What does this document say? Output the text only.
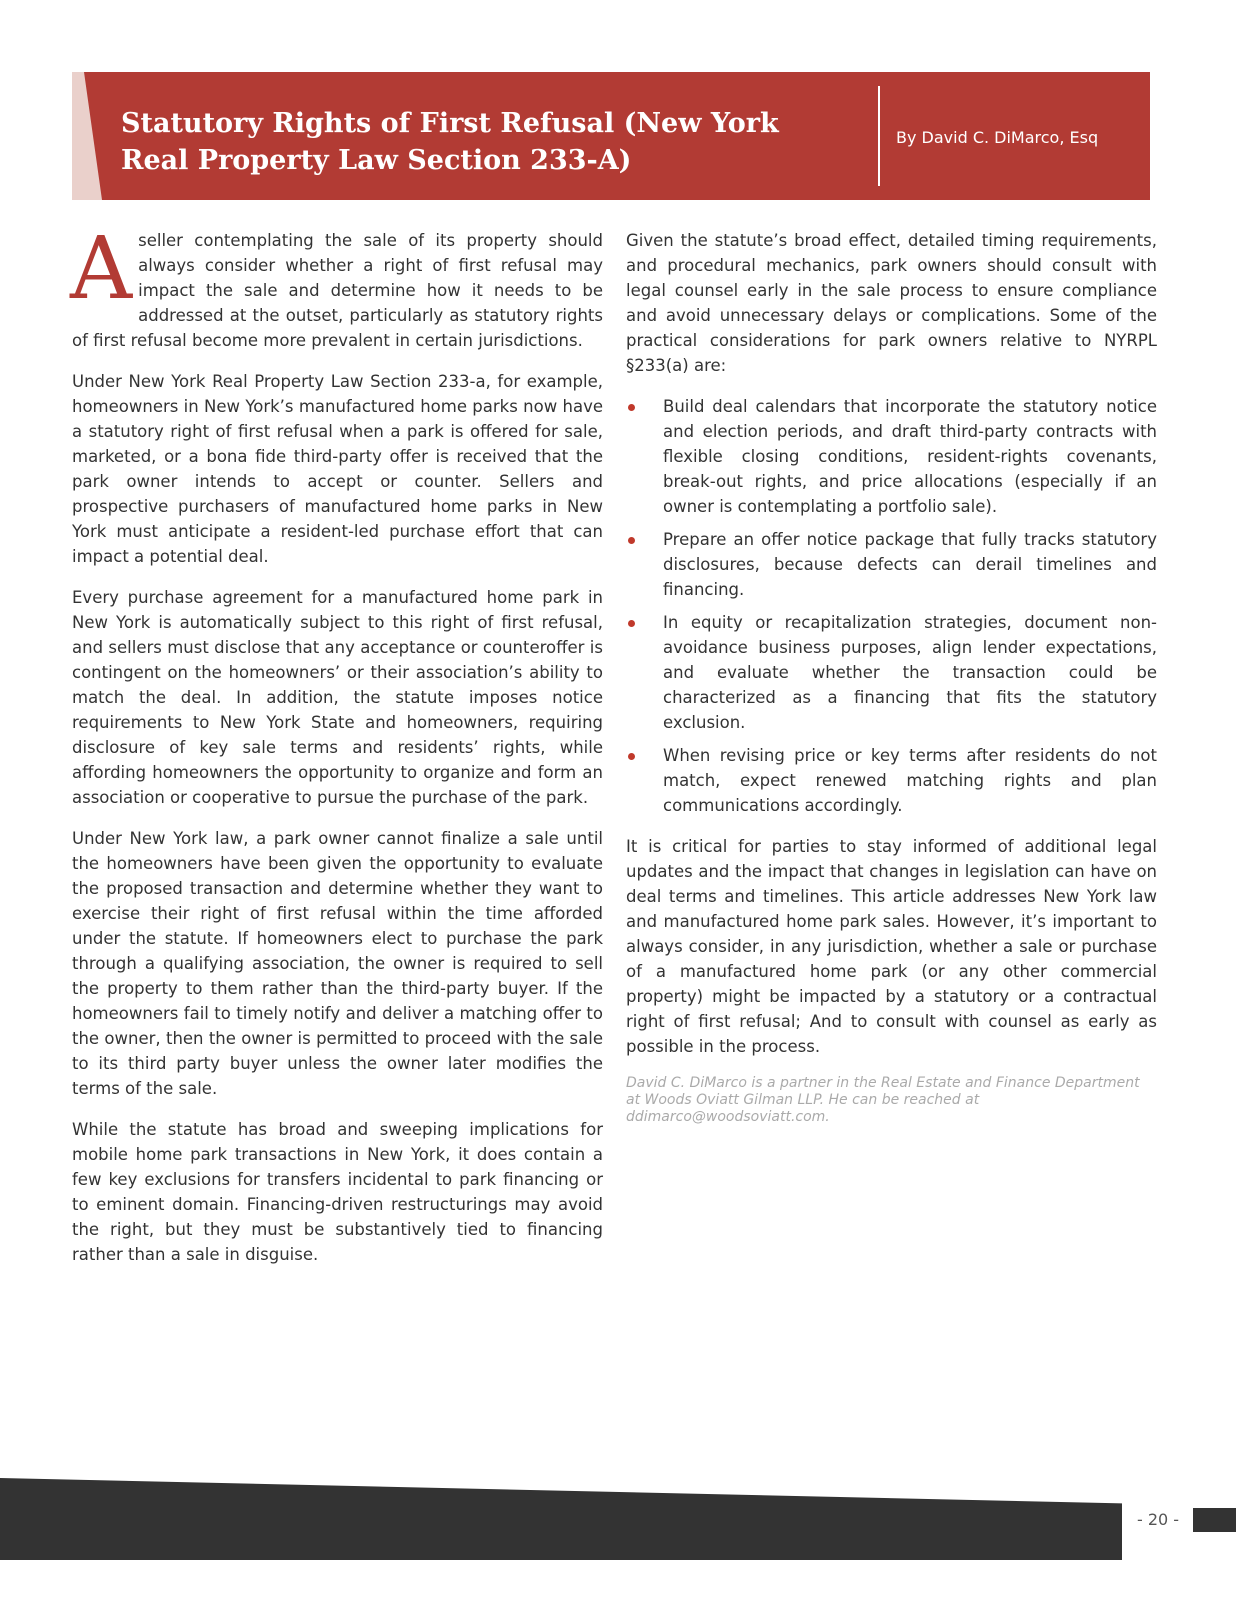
Statutory Rights of First Refusal (New York Real Property Law Section 233-A)
By David C. DiMarco, Esq

Aseller contemplating the sale of its property should always consider whether a right of first refusal may impact the sale and determine how it needs to be addressed at the outset, particularly as statutory rights of first refusal become more prevalent in certain jurisdictions.

Under New York Real Property Law Section 233-a, for example, homeowners in New York’s manufactured home parks now have a statutory right of first refusal when a park is offered for sale, marketed, or a bona fide third-party offer is received that the park owner intends to accept or counter. Sellers and prospective purchasers of manufactured home parks in New York must anticipate a resident-led purchase effort that can impact a potential deal.

Every purchase agreement for a manufactured home park in New York is automatically subject to this right of first refusal, and sellers must disclose that any acceptance or counteroffer is contingent on the homeowners’ or their association’s ability to match the deal. In addition, the statute imposes notice requirements to New York State and homeowners, requiring disclosure of key sale terms and residents’ rights, while affording homeowners the opportunity to organize and form an association or cooperative to pursue the purchase of the park.

Under New York law, a park owner cannot finalize a sale until the homeowners have been given the opportunity to evaluate the proposed transaction and determine whether they want to exercise their right of first refusal within the time afforded under the statute. If homeowners elect to purchase the park through a qualifying association, the owner is required to sell the property to them rather than the third-party buyer. If the homeowners fail to timely notify and deliver a matching offer to the owner, then the owner is permitted to proceed with the sale to its third party buyer unless the owner later modifies the terms of the sale.

While the statute has broad and sweeping implications for mobile home park transactions in New York, it does contain a few key exclusions for transfers incidental to park financing or to eminent domain. Financing-driven restructurings may avoid the right, but they must be substantively tied to financing rather than a sale in disguise.

Given the statute’s broad effect, detailed timing requirements, and procedural mechanics, park owners should consult with legal counsel early in the sale process to ensure compliance and avoid unnecessary delays or complications. Some of the practical considerations for park owners relative to NYRPL §233(a) are:

Build deal calendars that incorporate the statutory notice and election periods, and draft third-party contracts with flexible closing conditions, resident-rights covenants, break-out rights, and price allocations (especially if an owner is contemplating a portfolio sale).

Prepare an offer notice package that fully tracks statutory disclosures, because defects can derail timelines and financing.

In equity or recapitalization strategies, document non-avoidance business purposes, align lender expectations, and evaluate whether the transaction could be characterized as a financing that fits the statutory exclusion.

When revising price or key terms after residents do not match, expect renewed matching rights and plan communications accordingly.

It is critical for parties to stay informed of additional legal updates and the impact that changes in legislation can have on deal terms and timelines. This article addresses New York law and manufactured home park sales. However, it’s important to always consider, in any jurisdiction, whether a sale or purchase of a manufactured home park (or any other commercial property) might be impacted by a statutory or a contractual right of first refusal; And to consult with counsel as early as possible in the process.

David C. DiMarco is a partner in the Real Estate and Finance Department at Woods Oviatt Gilman LLP. He can be reached at ddimarco@woodsoviatt.com.

- 20 -
